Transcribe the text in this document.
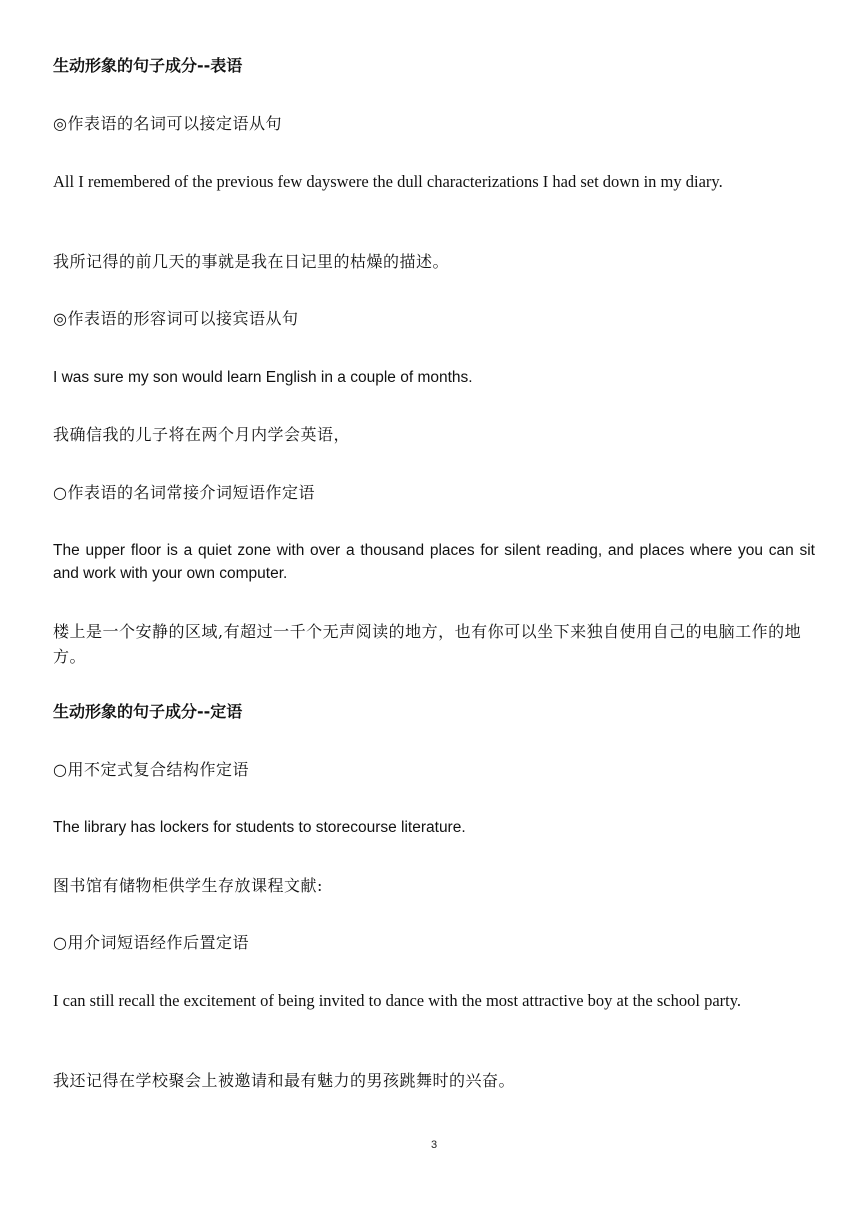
生动形象的句子成分--表语

◎作表语的名词可以接定语从句

All I remembered of the previous few dayswere the dull characterizations I had set down in my diary.

我所记得的前几天的事就是我在日记里的枯燥的描述。

◎作表语的形容词可以接宾语从句

I was sure my son would learn English in a couple of months.

我确信我的儿子将在两个月内学会英语，

○作表语的名词常接介词短语作定语

The upper floor is a quiet zone with over a thousand places for silent reading, and places where you can sit and work with your own computer.

楼上是一个安静的区域,有超过一千个无声阅读的地方，也有你可以坐下来独自使用自己的电脑工作的地方。

生动形象的句子成分--定语

○用不定式复合结构作定语

The library has lockers for students to storecourse literature.

图书馆有储物柜供学生存放课程文献:

○用介词短语经作后置定语

I can still recall the excitement of being invited to dance with the most attractive boy at the school party.

我还记得在学校聚会上被邀请和最有魅力的男孩跳舞时的兴奋。

3
